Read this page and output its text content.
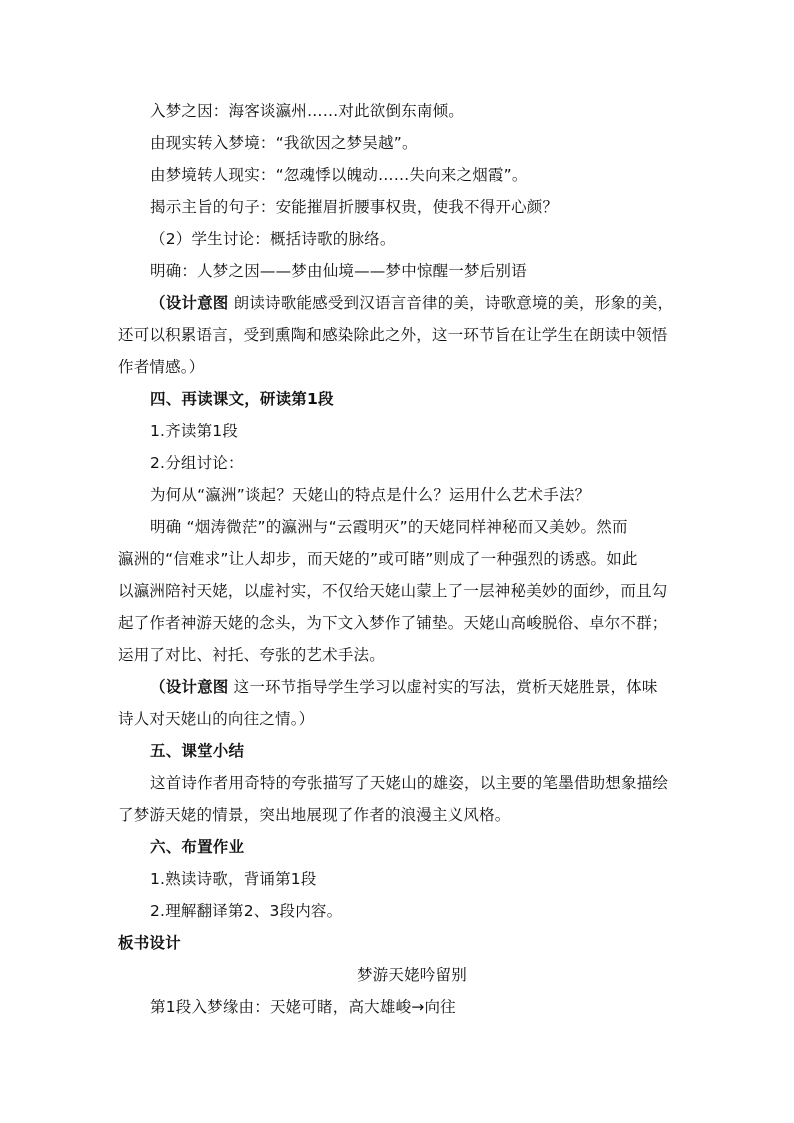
入梦之因：海客谈瀛州……对此欲倒东南倾。

由现实转入梦境：“我欲因之梦吴越”。

由梦境转人现实：“忽魂悸以魄动……失向来之烟霞”。

揭示主旨的句子：安能摧眉折腰事权贵，使我不得开心颜？

（2）学生讨论：概括诗歌的脉络。

明确：人梦之因——梦由仙境——梦中惊醒一梦后别语

（设计意图 朗读诗歌能感受到汉语言音律的美，诗歌意境的美，形象的美，

还可以积累语言，受到熏陶和感染除此之外，这一环节旨在让学生在朗读中领悟

作者情感。）

四、再读课文，研读第1段

1.齐读第1段

2.分组讨论：

为何从“瀛洲”谈起？天姥山的特点是什么？运用什么艺术手法？

明确 “烟涛微茫”的瀛洲与“云霞明灭”的天姥同样神秘而又美妙。然而

瀛洲的“信难求”让人却步，而天姥的”或可睹”则成了一种强烈的诱惑。如此

以瀛洲陪衬天姥，以虚衬实，不仅给天姥山蒙上了一层神秘美妙的面纱，而且勾

起了作者神游天姥的念头，为下文入梦作了铺垫。天姥山高峻脱俗、卓尔不群；

运用了对比、衬托、夸张的艺术手法。

（设计意图 这一环节指导学生学习以虚衬实的写法，赏析天姥胜景，体味

诗人对天姥山的向往之情。）

五、课堂小结

这首诗作者用奇特的夸张描写了天姥山的雄姿，以主要的笔墨借助想象描绘

了梦游天姥的情景，突出地展现了作者的浪漫主义风格。

六、布置作业

1.熟读诗歌，背诵第1段

2.理解翻译第2、3段内容。

板书设计

梦游天姥吟留别

第1段入梦缘由：天姥可睹，高大雄峻→向往
